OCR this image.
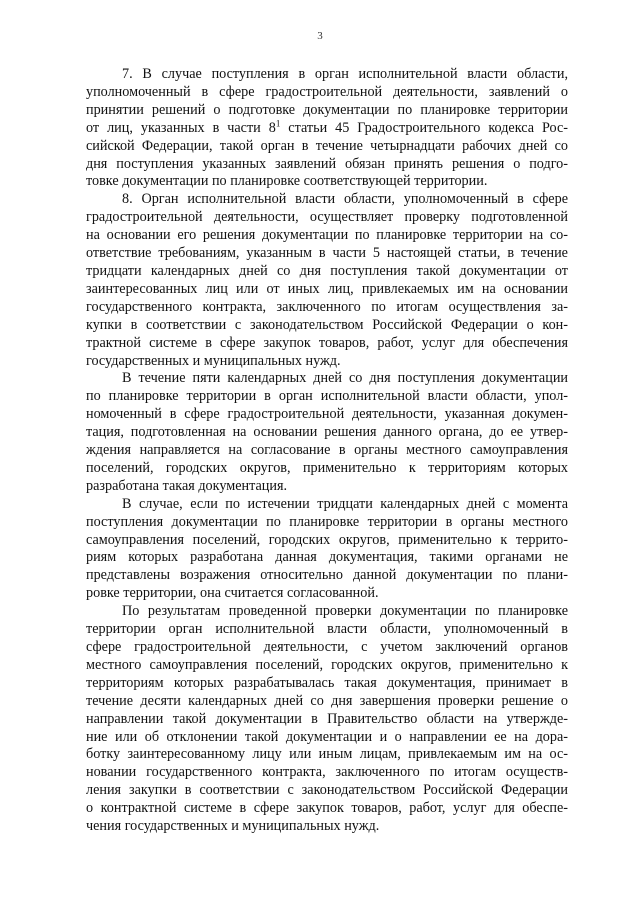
3

7. В случае поступления в орган исполнительной власти области,
уполномоченный в сфере градостроительной деятельности, заявлений о
принятии решений о подготовке документации по планировке территории
от лиц, указанных в части $8^1$ статьи 45 Градостроительного кодекса Рос-
сийской Федерации, такой орган в течение четырнадцати рабочих дней со
дня поступления указанных заявлений обязан принять решения о подго-
товке документации по планировке соответствующей территории.

8. Орган исполнительной власти области, уполномоченный в сфере
градостроительной деятельности, осуществляет проверку подготовленной
на основании его решения документации по планировке территории на со-
ответствие требованиям, указанным в части 5 настоящей статьи, в течение
тридцати календарных дней со дня поступления такой документации от
заинтересованных лиц или от иных лиц, привлекаемых им на основании
государственного контракта, заключенного по итогам осуществления за-
купки в соответствии с законодательством Российской Федерации о кон-
трактной системе в сфере закупок товаров, работ, услуг для обеспечения
государственных и муниципальных нужд.

В течение пяти календарных дней со дня поступления документации
по планировке территории в орган исполнительной власти области, упол-
номоченный в сфере градостроительной деятельности, указанная докумен-
тация, подготовленная на основании решения данного органа, до ее утвер-
ждения направляется на согласование в органы местного самоуправления
поселений, городских округов, применительно к территориям которых
разработана такая документация.

В случае, если по истечении тридцати календарных дней с момента
поступления документации по планировке территории в органы местного
самоуправления поселений, городских округов, применительно к террито-
риям которых разработана данная документация, такими органами не
представлены возражения относительно данной документации по плани-
ровке территории, она считается согласованной.

По результатам проведенной проверки документации по планировке
территории орган исполнительной власти области, уполномоченный в
сфере градостроительной деятельности, с учетом заключений органов
местного самоуправления поселений, городских округов, применительно к
территориям которых разрабатывалась такая документация, принимает в
течение десяти календарных дней со дня завершения проверки решение о
направлении такой документации в Правительство области на утвержде-
ние или об отклонении такой документации и о направлении ее на дора-
ботку заинтересованному лицу или иным лицам, привлекаемым им на ос-
новании государственного контракта, заключенного по итогам осуществ-
ления закупки в соответствии с законодательством Российской Федерации
о контрактной системе в сфере закупок товаров, работ, услуг для обеспе-
чения государственных и муниципальных нужд.
